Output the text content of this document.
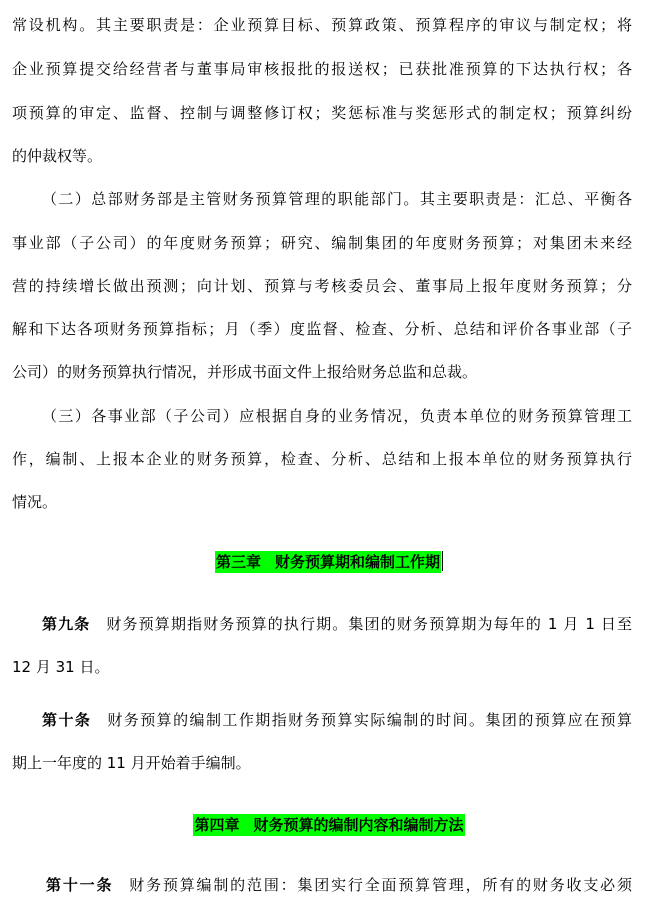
常设机构。其主要职责是：企业预算目标、预算政策、预算程序的审议与制定权；将
企业预算提交给经营者与董事局审核报批的报送权；已获批准预算的下达执行权；各
项预算的审定、监督、控制与调整修订权；奖惩标准与奖惩形式的制定权；预算纠纷
的仲裁权等。
（二）总部财务部是主管财务预算管理的职能部门。其主要职责是：汇总、平衡各
事业部（子公司）的年度财务预算；研究、编制集团的年度财务预算；对集团未来经
营的持续增长做出预测；向计划、预算与考核委员会、董事局上报年度财务预算；分
解和下达各项财务预算指标；月（季）度监督、检查、分析、总结和评价各事业部（子
公司）的财务预算执行情况，并形成书面文件上报给财务总监和总裁。
（三）各事业部（子公司）应根据自身的业务情况，负责本单位的财务预算管理工
作，编制、上报本企业的财务预算，检查、分析、总结和上报本单位的财务预算执行
情况。
第三章 财务预算期和编制工作期
第九条 财务预算期指财务预算的执行期。集团的财务预算期为每年的 1 月 1 日至
12 月 31 日。
第十条 财务预算的编制工作期指财务预算实际编制的时间。集团的预算应在预算
期上一年度的 11 月开始着手编制。
第四章 财务预算的编制内容和编制方法
第十一条 财务预算编制的范围：集团实行全面预算管理，所有的财务收支必须
